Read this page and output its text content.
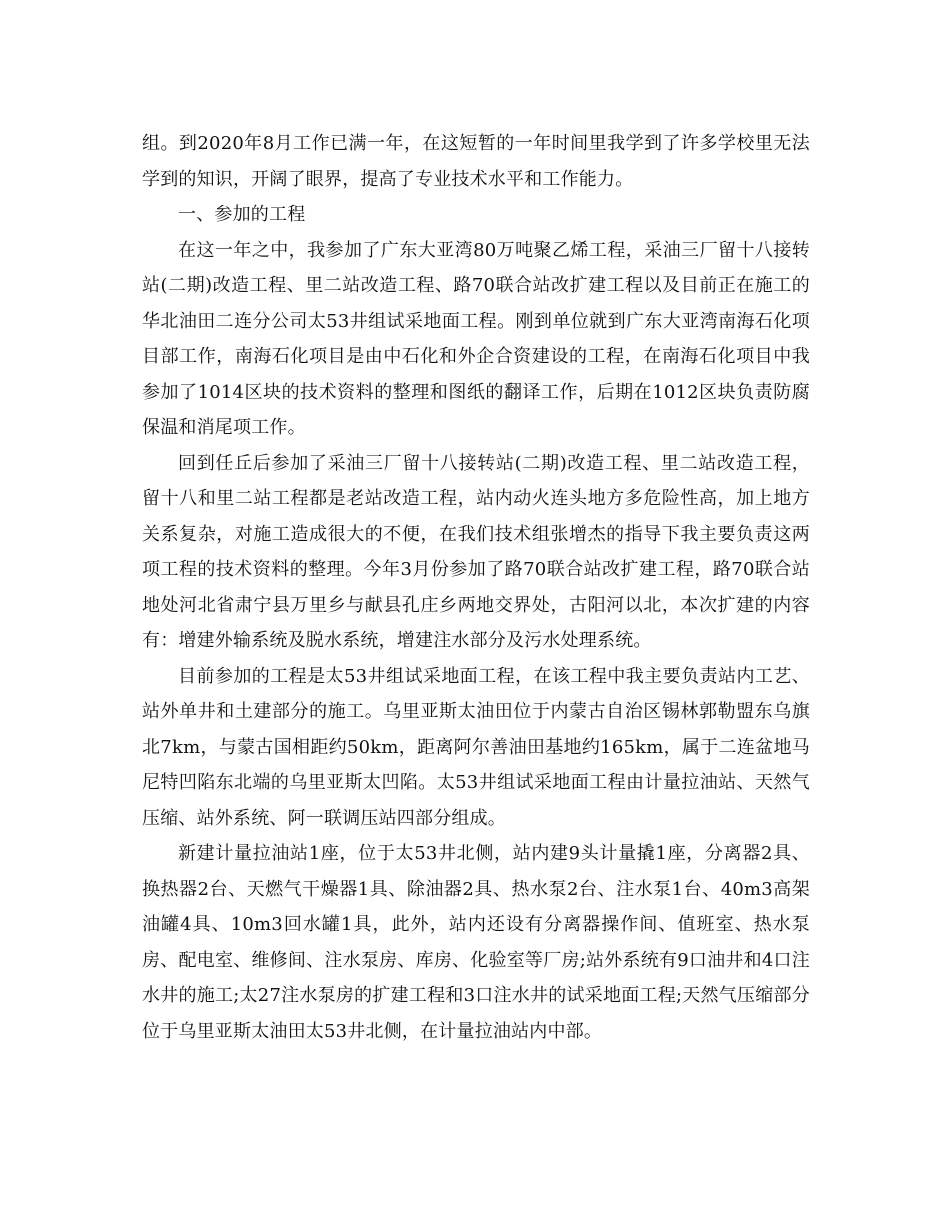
组。到2020年8月工作已满一年，在这短暂的一年时间里我学到了许多学校里无法学到的知识，开阔了眼界，提高了专业技术水平和工作能力。

一、参加的工程

在这一年之中，我参加了广东大亚湾80万吨聚乙烯工程，采油三厂留十八接转站(二期)改造工程、里二站改造工程、路70联合站改扩建工程以及目前正在施工的华北油田二连分公司太53井组试采地面工程。刚到单位就到广东大亚湾南海石化项目部工作，南海石化项目是由中石化和外企合资建设的工程，在南海石化项目中我参加了1014区块的技术资料的整理和图纸的翻译工作，后期在1012区块负责防腐保温和消尾项工作。

回到任丘后参加了采油三厂留十八接转站(二期)改造工程、里二站改造工程，留十八和里二站工程都是老站改造工程，站内动火连头地方多危险性高，加上地方关系复杂，对施工造成很大的不便，在我们技术组张增杰的指导下我主要负责这两项工程的技术资料的整理。今年3月份参加了路70联合站改扩建工程，路70联合站地处河北省肃宁县万里乡与献县孔庄乡两地交界处，古阳河以北，本次扩建的内容有：增建外输系统及脱水系统，增建注水部分及污水处理系统。

目前参加的工程是太53井组试采地面工程，在该工程中我主要负责站内工艺、站外单井和土建部分的施工。乌里亚斯太油田位于内蒙古自治区锡林郭勒盟东乌旗北7km，与蒙古国相距约50km，距离阿尔善油田基地约165km，属于二连盆地马尼特凹陷东北端的乌里亚斯太凹陷。太53井组试采地面工程由计量拉油站、天然气压缩、站外系统、阿一联调压站四部分组成。

新建计量拉油站1座，位于太53井北侧，站内建9头计量撬1座，分离器2具、换热器2台、天燃气干燥器1具、除油器2具、热水泵2台、注水泵1台、40m3高架油罐4具、10m3回水罐1具，此外，站内还设有分离器操作间、值班室、热水泵房、配电室、维修间、注水泵房、库房、化验室等厂房;站外系统有9口油井和4口注水井的施工;太27注水泵房的扩建工程和3口注水井的试采地面工程;天然气压缩部分位于乌里亚斯太油田太53井北侧，在计量拉油站内中部。
